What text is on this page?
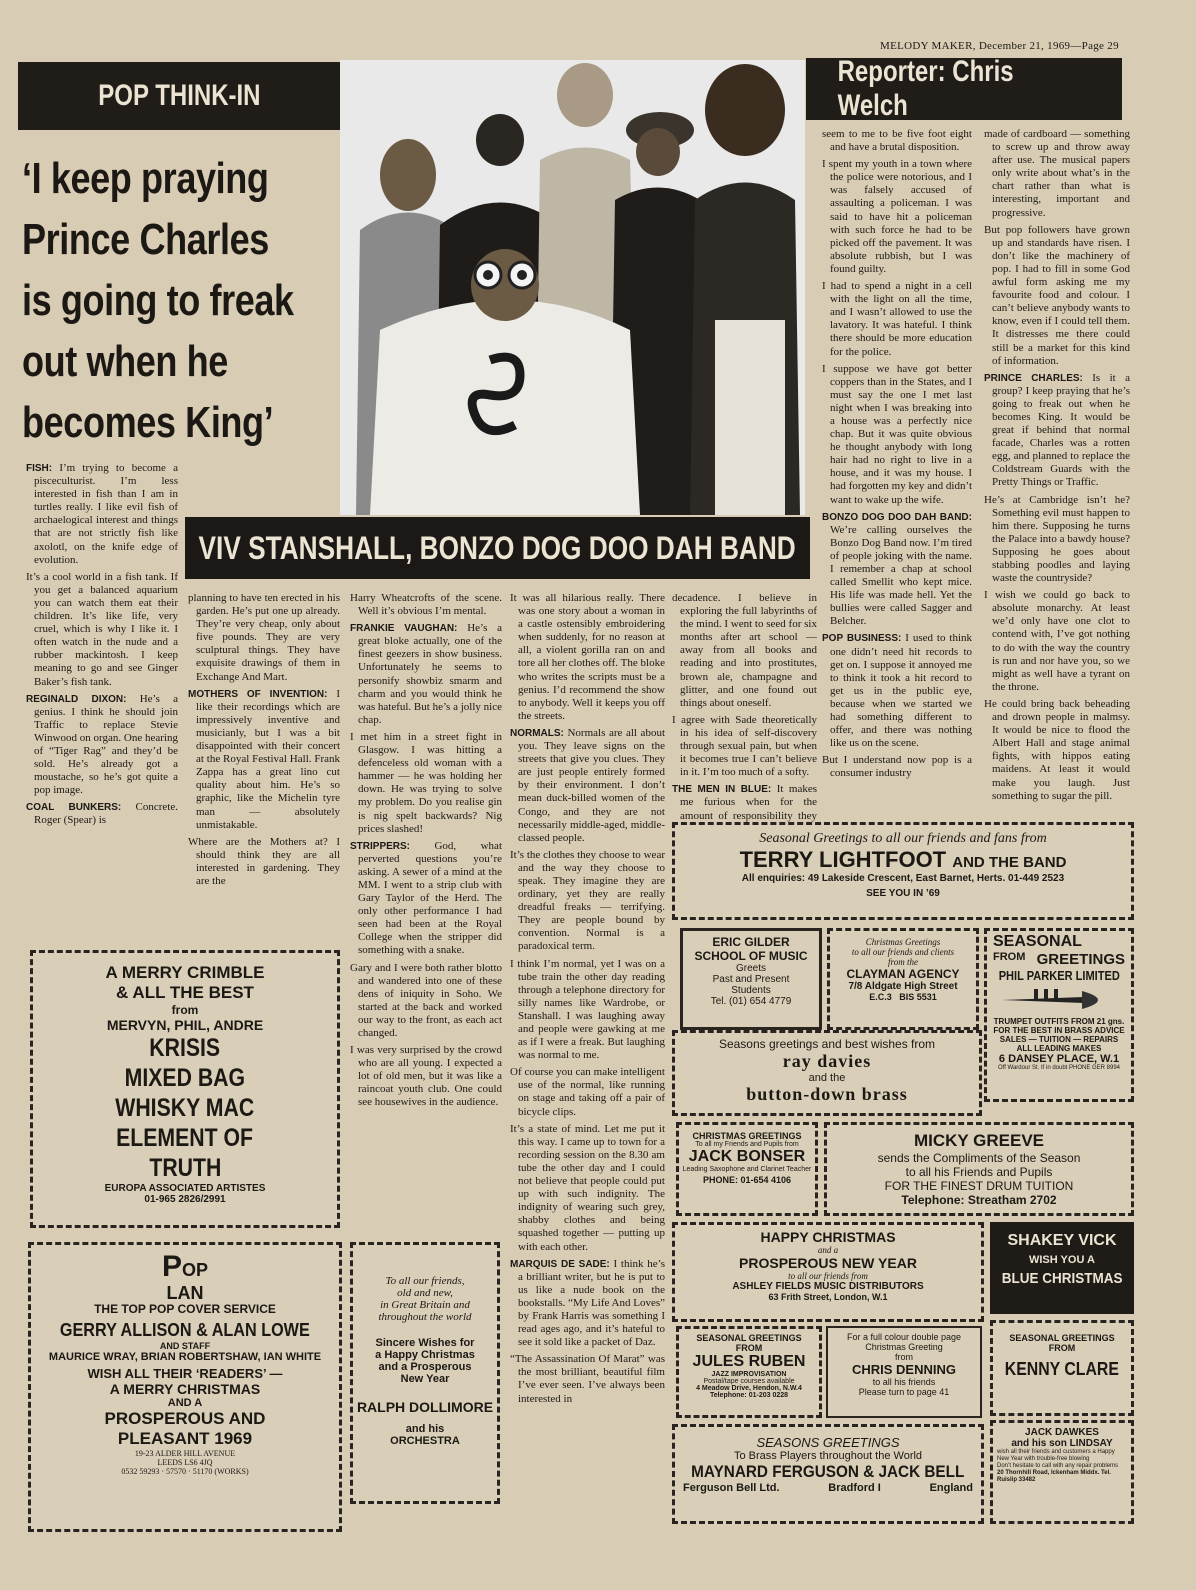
MELODY MAKER, December 21, 1969—Page 29
POP THINK-IN
Reporter: Chris Welch
‘I keep praying
Prince Charles
is going to freak
out when he
becomes King’
VIV STANSHALL, BONZO DOG DOO DAH BAND

FISH: I’m trying to become a pisceculturist. I’m less interested in fish than I am in turtles really. I like evil fish of archaelogical interest and things that are not strictly fish like axolotl, on the knife edge of evolution.

It’s a cool world in a fish tank. If you get a balanced aquarium you can watch them eat their children. It’s like life, very cruel, which is why I like it. I often watch in the nude and a rubber mackintosh. I keep meaning to go and see Ginger Baker’s fish tank.

REGINALD DIXON: He’s a genius. I think he should join Traffic to replace Stevie Winwood on organ. One hearing of “Tiger Rag” and they’d be sold. He’s already got a moustache, so he’s got quite a pop image.

COAL BUNKERS: Concrete. Roger (Spear) is

planning to have ten erected in his garden. He’s put one up already. They’re very cheap, only about five pounds. They are very sculptural things. They have exquisite drawings of them in Exchange And Mart.

MOTHERS OF INVENTION: I like their recordings which are impressively inventive and musicianly, but I was a bit disappointed with their concert at the Royal Festival Hall. Frank Zappa has a great lino cut quality about him. He’s so graphic, like the Michelin tyre man — absolutely unmistakable.

Where are the Mothers at? I should think they are all interested in gardening. They are the

Harry Wheatcrofts of the scene. Well it’s obvious I’m mental.

FRANKIE VAUGHAN: He’s a great bloke actually, one of the finest geezers in show business. Unfortunately he seems to personify showbiz smarm and charm and you would think he was hateful. But he’s a jolly nice chap.

I met him in a street fight in Glasgow. I was hitting a defenceless old woman with a hammer — he was holding her down. He was trying to solve my problem. Do you realise gin is nig spelt backwards? Nig prices slashed!

STRIPPERS: God, what perverted questions you’re asking. A sewer of a mind at the MM. I went to a strip club with Gary Taylor of the Herd. The only other performance I had seen had been at the Royal College when the stripper did something with a snake.

Gary and I were both rather blotto and wandered into one of these dens of iniquity in Soho. We started at the back and worked our way to the front, as each act changed.

I was very surprised by the crowd who are all young. I expected a lot of old men, but it was like a raincoat youth club. One could see housewives in the audience.

It was all hilarious really. There was one story about a woman in a castle ostensibly embroidering when suddenly, for no reason at all, a violent gorilla ran on and tore all her clothes off. The bloke who writes the scripts must be a genius. I’d recommend the show to anybody. Well it keeps you off the streets.

NORMALS: Normals are all about you. They leave signs on the streets that give you clues. They are just people entirely formed by their environment. I don’t mean duck-billed women of the Congo, and they are not necessarily middle-aged, middle-classed people.

It’s the clothes they choose to wear and the way they choose to speak. They imagine they are ordinary, yet they are really dreadful freaks — terrifying. They are people bound by convention. Normal is a paradoxical term.

I think I’m normal, yet I was on a tube train the other day reading through a telephone directory for silly names like Wardrobe, or Stanshall. I was laughing away and people were gawking at me as if I were a freak. But laughing was normal to me.

Of course you can make intelligent use of the normal, like running on stage and taking off a pair of bicycle clips.

It’s a state of mind. Let me put it this way. I came up to town for a recording session on the 8.30 am tube the other day and I could not believe that people could put up with such indignity. The indignity of wearing such grey, shabby clothes and being squashed together — putting up with each other.

MARQUIS DE SADE: I think he’s a brilliant writer, but he is put to us like a nude book on the bookstalls. “My Life And Loves” by Frank Harris was something I read ages ago, and it’s hateful to see it sold like a packet of Daz.

“The Assassination Of Marat” was the most brilliant, beautiful film I’ve ever seen. I’ve always been interested in

decadence. I believe in exploring the full labyrinths of the mind. I went to seed for six months after art school — away from all books and reading and into prostitutes, brown ale, champagne and glitter, and one found out things about oneself.

I agree with Sade theoretically in his idea of self-discovery through sexual pain, but when it becomes true I can’t believe in it. I’m too much of a softy.

THE MEN IN BLUE: It makes me furious when for the amount of responsibility they

seem to me to be five foot eight and have a brutal disposition.

I spent my youth in a town where the police were notorious, and I was falsely accused of assaulting a policeman. I was said to have hit a policeman with such force he had to be picked off the pavement. It was absolute rubbish, but I was found guilty.

I had to spend a night in a cell with the light on all the time, and I wasn’t allowed to use the lavatory. It was hateful. I think there should be more education for the police.

I suppose we have got better coppers than in the States, and I must say the one I met last night when I was breaking into a house was a perfectly nice chap. But it was quite obvious he thought anybody with long hair had no right to live in a house, and it was my house. I had forgotten my key and didn’t want to wake up the wife.

BONZO DOG DOO DAH BAND: We’re calling ourselves the Bonzo Dog Band now. I’m tired of people joking with the name. I remember a chap at school called Smellit who kept mice. His life was made hell. Yet the bullies were called Sagger and Belcher.

POP BUSINESS: I used to think one didn’t need hit records to get on. I suppose it annoyed me to think it took a hit record to get us in the public eye, because when we started we had something different to offer, and there was nothing like us on the scene.

But I understand now pop is a consumer industry

made of cardboard — something to screw up and throw away after use. The musical papers only write about what’s in the chart rather than what is interesting, important and progressive.

But pop followers have grown up and standards have risen. I don’t like the machinery of pop. I had to fill in some God awful form asking me my favourite food and colour. I can’t believe anybody wants to know, even if I could tell them. It distresses me there could still be a market for this kind of information.

PRINCE CHARLES: Is it a group? I keep praying that he’s going to freak out when he becomes King. It would be great if behind that normal facade, Charles was a rotten egg, and planned to replace the Coldstream Guards with the Pretty Things or Traffic.

He’s at Cambridge isn’t he? Something evil must happen to him there. Supposing he turns the Palace into a bawdy house? Supposing he goes about stabbing poodles and laying waste the countryside?

I wish we could go back to absolute monarchy. At least we’d only have one clot to contend with, I’ve got nothing to do with the way the country is run and nor have you, so we might as well have a tyrant on the throne.

He could bring back beheading and drown people in malmsy. It would be nice to flood the Albert Hall and stage animal fights, with hippos eating maidens. At least it would make you laugh. Just something to sugar the pill.

A MERRY CRIMBLE
& ALL THE BEST
from
MERVYN, PHIL, ANDRE
KRISIS
MIXED BAG
WHISKY MAC
ELEMENT OF
TRUTH
EUROPA ASSOCIATED ARTISTES
01-965 2826/2991
POP
LAN
THE TOP POP COVER SERVICE
GERRY ALLISON & ALAN LOWE
AND STAFF
MAURICE WRAY, BRIAN ROBERTSHAW, IAN WHITE
WISH ALL THEIR ‘READERS’ —
A MERRY CHRISTMAS
AND A
PROSPEROUS AND
PLEASANT 1969
19-23 ALDER HILL AVENUE
LEEDS LS6 4JQ
0532 59293 · 57570 · 51170 (WORKS)
To all our friends,
old and new,
in Great Britain and
throughout the world
Sincere Wishes for
a Happy Christmas
and a Prosperous
New Year
RALPH DOLLIMORE
and his
ORCHESTRA
Seasonal Greetings to all our friends and fans from
TERRY LIGHTFOOT AND THE BAND
All enquiries: 49 Lakeside Crescent, East Barnet, Herts. 01-449 2523
SEE YOU IN ’69
ERIC GILDER
SCHOOL OF MUSIC
Greets
Past and Present
Students
Tel. (01) 654 4779
Christmas Greetings
to all our friends and clients
from the
CLAYMAN AGENCY
7/8 Aldgate High Street
E.C.3 BIS 5531
SEASONAL
FROM GREETINGS
PHIL PARKER LIMITED
TRUMPET OUTFITS FROM 21 gns.
FOR THE BEST IN BRASS ADVICE
SALES — TUITION — REPAIRS
ALL LEADING MAKES
6 DANSEY PLACE, W.1
Off Wardour St. If in doubt PHONE GER 8994
Seasons greetings and best wishes from
ray davies
and the
button-down brass
CHRISTMAS GREETINGS
To all my Friends and Pupils from
JACK BONSER
Leading Saxophone and Clarinet Teacher
PHONE: 01-654 4106
MICKY GREEVE
sends the Compliments of the Season
to all his Friends and Pupils
FOR THE FINEST DRUM TUITION
Telephone: Streatham 2702
HAPPY CHRISTMAS
and a
PROSPEROUS NEW YEAR
to all our friends from
ASHLEY FIELDS MUSIC DISTRIBUTORS
63 Frith Street, London, W.1
SHAKEY VICK
WISH YOU A
BLUE CHRISTMAS
SEASONAL GREETINGS
FROM
JULES RUBEN
JAZZ IMPROVISATION
Postal/tape courses available
4 Meadow Drive, Hendon, N.W.4
Telephone: 01-203 0228
For a full colour double page
Christmas Greeting
from
CHRIS DENNING
to all his friends
Please turn to page 41
SEASONAL GREETINGS
FROM
KENNY CLARE
SEASONS GREETINGS
To Brass Players throughout the World
MAYNARD FERGUSON & JACK BELL
Ferguson Bell Ltd.	Bradford I	England
JACK DAWKES
and his son LINDSAY
wish all their friends and customers a Happy New Year with trouble-free blowing
Don’t hesitate to call with any repair problems
20 Thornhill Road, Ickenham Middx. Tel. Ruislip 33482
